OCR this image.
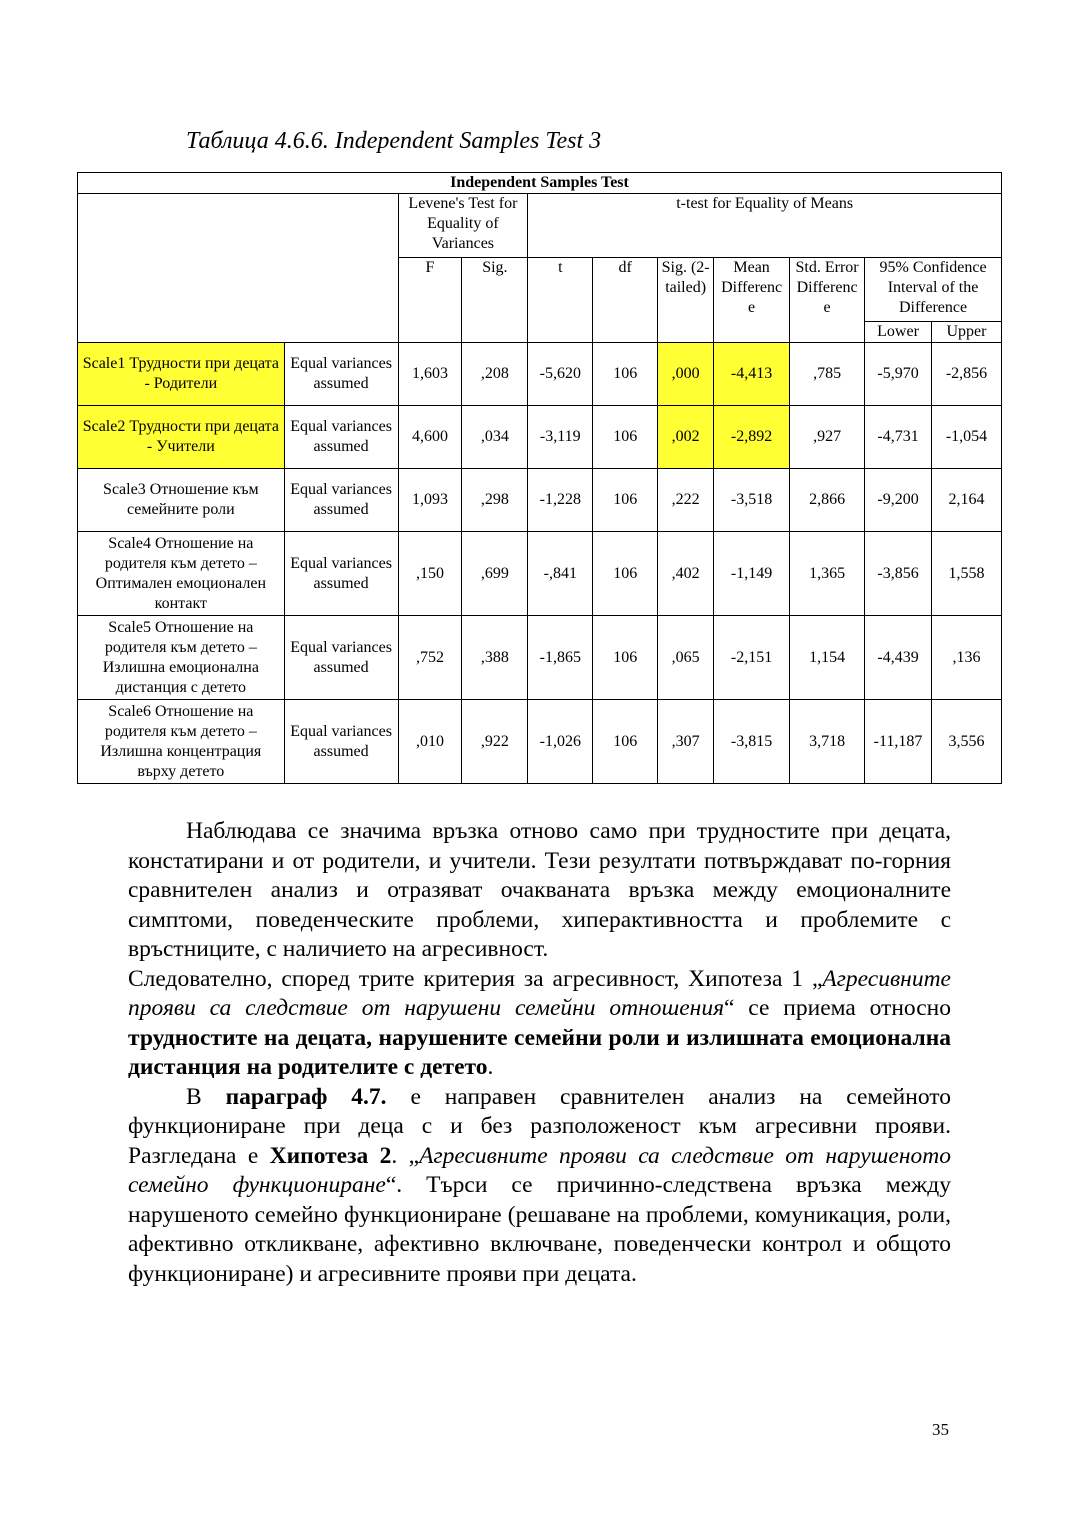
Таблица 4.6.6. Independent Samples Test 3
Independent Samples Test										
		Levene's Test for Equality of Variances		t-test for Equality of Means						
		F	Sig.	t	df	Sig. (2-tailed)	Mean Differenc e	Std. Error Differenc e	95% Confidence Interval of the Difference	
									Lower	Upper
Scale1 Трудности при децата - Родители	Equal variances assumed	1,603	,208	-5,620	106	,000	-4,413	,785	-5,970	-2,856
Scale2 Трудности при децата - Учители	Equal variances assumed	4,600	,034	-3,119	106	,002	-2,892	,927	-4,731	-1,054
Scale3 Отношение към семейните роли	Equal variances assumed	1,093	,298	-1,228	106	,222	-3,518	2,866	-9,200	2,164
Scale4 Отношение на родителя към детето – Оптимален емоционален контакт	Equal variances assumed	,150	,699	-,841	106	,402	-1,149	1,365	-3,856	1,558
Scale5 Отношение на родителя към детето – Излишна емоционална дистанция с детето	Equal variances assumed	,752	,388	-1,865	106	,065	-2,151	1,154	-4,439	,136
Scale6 Отношение на родителя към детето – Излишна концентрация върху детето	Equal variances assumed	,010	,922	-1,026	106	,307	-3,815	3,718	-11,187	3,556

Наблюдава се значима връзка отново само при трудностите при децата, констатирани и от родители, и учители. Тези резултати потвърждават по-горния сравнителен анализ и отразяват очакваната връзка между емоционалните симптоми, поведенческите проблеми, хиперактивността и проблемите с връстниците, с наличието на агресивност.

Следователно, според трите критерия за агресивност, Хипотеза 1 „Агресивните прояви са следствие от нарушени семейни отношения“ се приема относно трудностите на децата, нарушените семейни роли и излишната емоционална дистанция на родителите с детето.

В параграф 4.7. е направен сравнителен анализ на семейното функциониране при деца с и без разположеност към агресивни прояви. Разгледана е Хипотеза 2. „Агресивните прояви са следствие от нарушеното семейно функциониране“. Търси се причинно-следствена връзка между нарушеното семейно функциониране (решаване на проблеми, комуникация, роли, афективно откликване, афективно включване, поведенчески контрол и общото функциониране) и агресивните прояви при децата.

35
